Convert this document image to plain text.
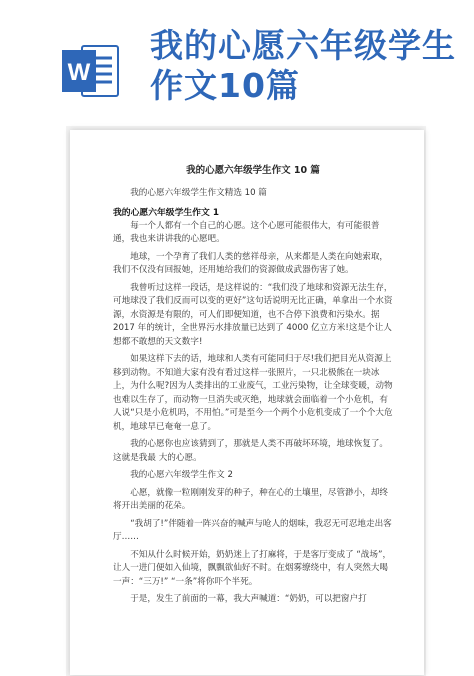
W
我的心愿六年级学生作文10篇
我的心愿六年级学生作文 10 篇
我的心愿六年级学生作文精选 10 篇
我的心愿六年级学生作文 1
每一个人都有一个自己的心愿。这个心愿可能很伟大，有可能很普通，我也来讲讲我的心愿吧。
地球，一个孕育了我们人类的慈祥母亲，从来都是人类在向她索取，我们不仅没有回报她，还用她给我们的资源做成武器伤害了她。
我曾听过这样一段话，是这样说的：“我们没了地球和资源无法生存，可地球没了我们反而可以变的更好”这句话说明无比正确，单拿出一个水资源，水资源是有限的，可人们即便知道，也不合停下浪费和污染水。据 2017 年的统计，全世界污水排放量已达到了 4000 亿立方米!这是个让人想都不敢想的天文数字!
如果这样下去的话，地球和人类有可能同归于尽!我们把目光从资源上移到动物。不知道大家有没有看过这样一张照片，一只北极熊在一块冰上，为什么呢?因为人类排出的工业废气，工业污染物，让全球变暖，动物也难以生存了，而动物一旦消失或灭绝，地球就会面临着一个小危机，有人说“只是小危机吗，不用怕。”可是至今一个两个小危机变成了一个个大危机，地球早已奄奄一息了。
我的心愿你也应该猜到了，那就是人类不再破坏环境，地球恢复了。这就是我最 大的心愿。
我的心愿六年级学生作文 2
心愿，就像一粒刚刚发芽的种子，种在心的土壤里，尽管渺小，却终将开出美丽的花朵。
“我胡了!”伴随着一阵兴奋的喊声与呛人的烟味，我忍无可忍地走出客厅……
不知从什么时候开始，奶奶迷上了打麻将，于是客厅变成了 “战场”，让人一进门便如入仙境，飘飘欲仙好不时。在烟雾缭绕中，有人突然大喝一声：“三万!” “一条”将你吓个半死。
于是，发生了前面的一幕，我大声喊道：“奶奶，可以把窗户打
